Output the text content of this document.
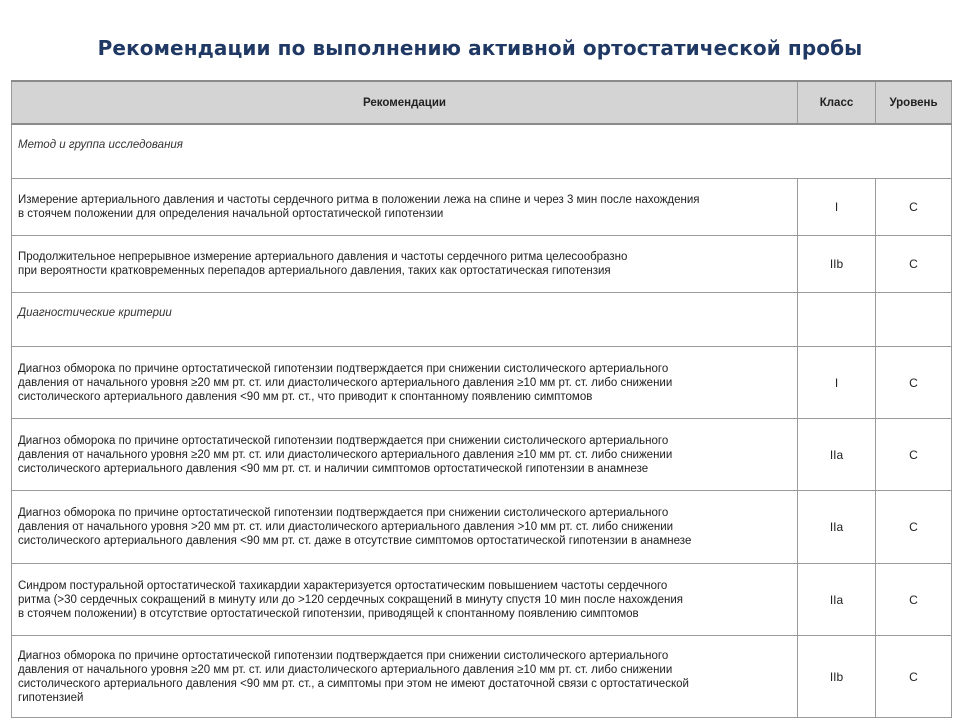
Рекомендации по выполнению активной ортостатической пробы
Рекомендации	Класс	Уровень
Метод и группа исследования		

Измерение артериального давления и частоты сердечного ритма в положении лежа на спине и через 3 мин после нахождения
в стоячем положении для определения начальной ортостатической гипотензии	I	C

Продолжительное непрерывное измерение артериального давления и частоты сердечного ритма целесообразно
при вероятности кратковременных перепадов артериального давления, таких как ортостатическая гипотензия	IIb	C
Диагностические критерии		

Диагноз обморока по причине ортостатической гипотензии подтверждается при снижении систолического артериального
давления от начального уровня ≥20 мм рт. ст. или диастолического артериального давления ≥10 мм рт. ст. либо снижении
систолического артериального давления <90 мм рт. ст., что приводит к спонтанному появлению симптомов	I	C

Диагноз обморока по причине ортостатической гипотензии подтверждается при снижении систолического артериального
давления от начального уровня ≥20 мм рт. ст. или диастолического артериального давления ≥10 мм рт. ст. либо снижении
систолического артериального давления <90 мм рт. ст. и наличии симптомов ортостатической гипотензии в анамнезе	IIa	C

Диагноз обморока по причине ортостатической гипотензии подтверждается при снижении систолического артериального
давления от начального уровня >20 мм рт. ст. или диастолического артериального давления >10 мм рт. ст. либо снижении
систолического артериального давления <90 мм рт. ст. даже в отсутствие симптомов ортостатической гипотензии в анамнезе	IIa	C

Синдром постуральной ортостатической тахикардии характеризуется ортостатическим повышением частоты сердечного
ритма (>30 сердечных сокращений в минуту или до >120 сердечных сокращений в минуту спустя 10 мин после нахождения
в стоячем положении) в отсутствие ортостатической гипотензии, приводящей к спонтанному появлению симптомов	IIa	C

Диагноз обморока по причине ортостатической гипотензии подтверждается при снижении систолического артериального
давления от начального уровня ≥20 мм рт. ст. или диастолического артериального давления ≥10 мм рт. ст. либо снижении
систолического артериального давления <90 мм рт. ст., а симптомы при этом не имеют достаточной связи с ортостатической
гипотензией	IIb	C
